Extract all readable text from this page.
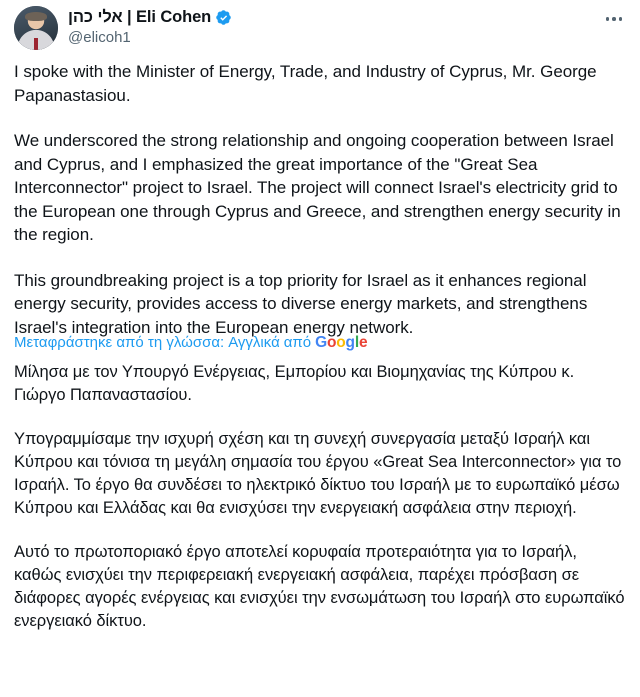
אלי כהן | Eli Cohen
@elicoh1

I spoke with the Minister of Energy, Trade, and Industry of Cyprus, Mr. George Papanastasiou.

We underscored the strong relationship and ongoing cooperation between Israel and Cyprus, and I emphasized the great importance of the "Great Sea Interconnector" project to Israel. The project will connect Israel's electricity grid to the European one through Cyprus and Greece, and strengthen energy security in the region.

This groundbreaking project is a top priority for Israel as it enhances regional energy security, provides access to diverse energy markets, and strengthens Israel's integration into the European energy network.

Μεταφράστηκε από τη γλώσσα: Αγγλικά από Google

Μίλησα με τον Υπουργό Ενέργειας, Εμπορίου και Βιομηχανίας της Κύπρου κ. Γιώργο Παπαναστασίου.

Υπογραμμίσαμε την ισχυρή σχέση και τη συνεχή συνεργασία μεταξύ Ισραήλ και Κύπρου και τόνισα τη μεγάλη σημασία του έργου «Great Sea Interconnector» για το Ισραήλ. Το έργο θα συνδέσει το ηλεκτρικό δίκτυο του Ισραήλ με το ευρωπαϊκό μέσω Κύπρου και Ελλάδας και θα ενισχύσει την ενεργειακή ασφάλεια στην περιοχή.

Αυτό το πρωτοποριακό έργο αποτελεί κορυφαία προτεραιότητα για το Ισραήλ, καθώς ενισχύει την περιφερειακή ενεργειακή ασφάλεια, παρέχει πρόσβαση σε διάφορες αγορές ενέργειας και ενισχύει την ενσωμάτωση του Ισραήλ στο ευρωπαϊκό ενεργειακό δίκτυο.
